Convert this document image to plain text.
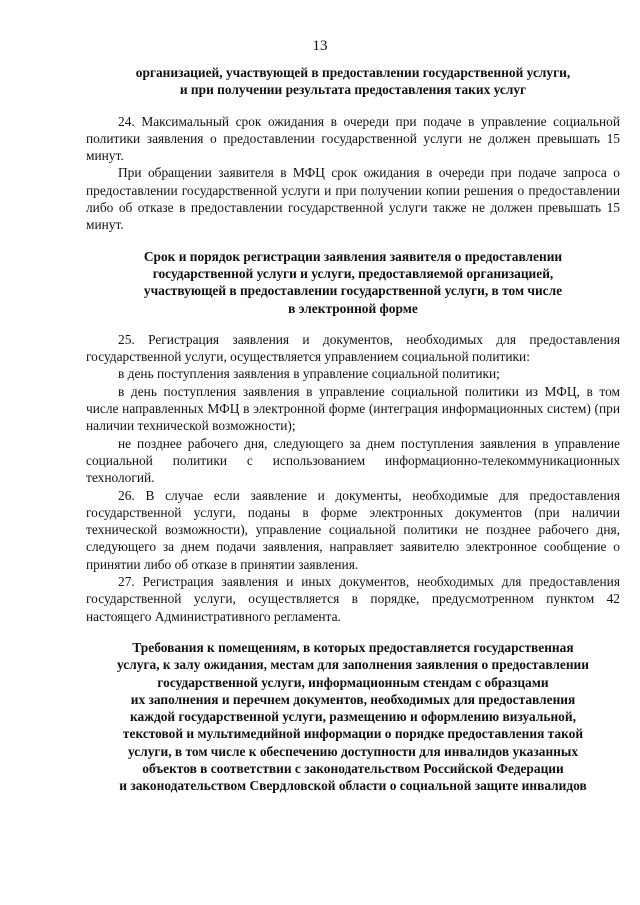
13
организацией, участвующей в предоставлении государственной услуги,
и при получении результата предоставления таких услуг

24. Максимальный срок ожидания в очереди при подаче в управление социальной политики заявления о предоставлении государственной услуги не должен превышать 15 минут.

При обращении заявителя в МФЦ срок ожидания в очереди при подаче запроса о предоставлении государственной услуги и при получении копии решения о предоставлении либо об отказе в предоставлении государственной услуги также не должен превышать 15 минут.

Срок и порядок регистрации заявления заявителя о предоставлении
государственной услуги и услуги, предоставляемой организацией,
участвующей в предоставлении государственной услуги, в том числе
в электронной форме

25. Регистрация заявления и документов, необходимых для предоставления государственной услуги, осуществляется управлением социальной политики:

в день поступления заявления в управление социальной политики;

в день поступления заявления в управление социальной политики из МФЦ, в том числе направленных МФЦ в электронной форме (интеграция информационных систем) (при наличии технической возможности);

не позднее рабочего дня, следующего за днем поступления заявления в управление социальной политики с использованием информационно-телекоммуникационных технологий.

26. В случае если заявление и документы, необходимые для предоставления государственной услуги, поданы в форме электронных документов (при наличии технической возможности), управление социальной политики не позднее рабочего дня, следующего за днем подачи заявления, направляет заявителю электронное сообщение о принятии либо об отказе в принятии заявления.

27. Регистрация заявления и иных документов, необходимых для предоставления государственной услуги, осуществляется в порядке, предусмотренном пунктом 42 настоящего Административного регламента.

Требования к помещениям, в которых предоставляется государственная
услуга, к залу ожидания, местам для заполнения заявления о предоставлении
государственной услуги, информационным стендам с образцами
их заполнения и перечнем документов, необходимых для предоставления
каждой государственной услуги, размещению и оформлению визуальной,
текстовой и мультимедийной информации о порядке предоставления такой
услуги, в том числе к обеспечению доступности для инвалидов указанных
объектов в соответствии с законодательством Российской Федерации
и законодательством Свердловской области о социальной защите инвалидов
